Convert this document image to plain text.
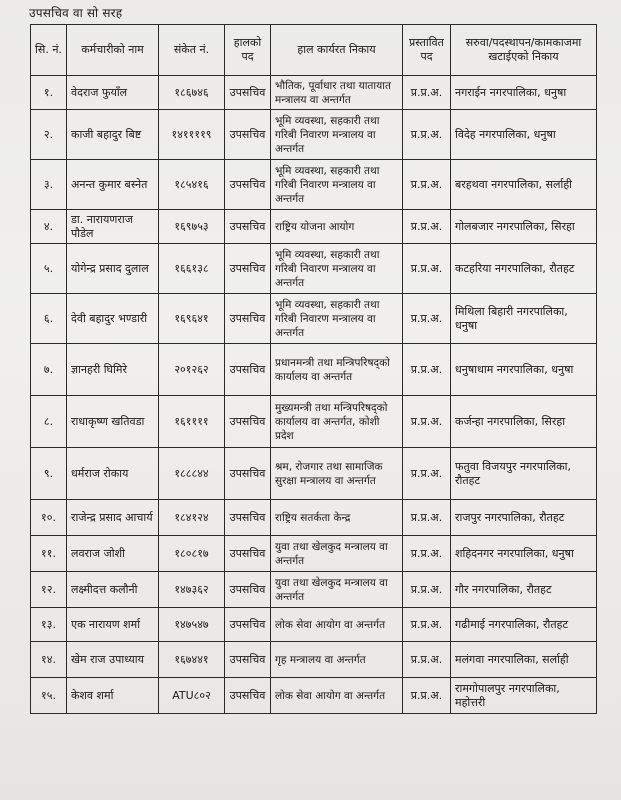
उपसचिव वा सो सरह
सि. नं.	कर्मचारीको नाम	संकेत नं.	हालको पद	हाल कार्यरत निकाय	प्रस्तावित पद	सरुवा/पदस्थापन/कामकाजमा खटाईएको निकाय
१.	वेदराज फुयाँल	१८६७४६	उपसचिव	भौतिक, पूर्वाधार तथा यातायात मन्त्रालय वा अन्तर्गत	प्र.प्र.अ.	नगराईन नगरपालिका, धनुषा
२.	काजी बहादुर बिष्ट	१४११११९	उपसचिव	भूमि व्यवस्था, सहकारी तथा गरिबी निवारण मन्त्रालय वा अन्तर्गत	प्र.प्र.अ.	विदेह नगरपालिका, धनुषा
३.	अनन्त कुमार बस्नेत	१८५४१६	उपसचिव	भूमि व्यवस्था, सहकारी तथा गरिबी निवारण मन्त्रालय वा अन्तर्गत	प्र.प्र.अ.	बरहथवा नगरपालिका, सर्लाही
४.	डा. नारायणराज पौडेल	१६९७५३	उपसचिव	राष्ट्रिय योजना आयोग	प्र.प्र.अ.	गोलबजार नगरपालिका, सिरहा
५.	योगेन्द्र प्रसाद दुलाल	१६६१३८	उपसचिव	भूमि व्यवस्था, सहकारी तथा गरिबी निवारण मन्त्रालय वा अन्तर्गत	प्र.प्र.अ.	कटहरिया नगरपालिका, रौतहट
६.	देवी बहादुर भण्डारी	१६९६४१	उपसचिव	भूमि व्यवस्था, सहकारी तथा गरिबी निवारण मन्त्रालय वा अन्तर्गत	प्र.प्र.अ.	मिथिला बिहारी नगरपालिका, धनुषा
७.	ज्ञानहरी घिमिरे	२०१२६२	उपसचिव	प्रधानमन्त्री तथा मन्त्रिपरिषद्को कार्यालय वा अन्तर्गत	प्र.प्र.अ.	धनुषाधाम नगरपालिका, धनुषा
८.	राधाकृष्ण खतिवडा	१६११११	उपसचिव	मुख्यमन्त्री तथा मन्त्रिपरिषद्को कार्यालय वा अन्तर्गत, कोशी प्रदेश	प्र.प्र.अ.	कर्जन्हा नगरपालिका, सिरहा
९.	धर्मराज रोकाय	१८८८४४	उपसचिव	श्रम, रोजगार तथा सामाजिक सुरक्षा मन्त्रालय वा अन्तर्गत	प्र.प्र.अ.	फतुवा विजयपुर नगरपालिका, रौतहट
१०.	राजेन्द्र प्रसाद आचार्य	१८४१२४	उपसचिव	राष्ट्रिय सतर्कता केन्द्र	प्र.प्र.अ.	राजपुर नगरपालिका, रौतहट
११.	लवराज जोशी	१८०८१७	उपसचिव	युवा तथा खेलकुद मन्त्रालय वा अन्तर्गत	प्र.प्र.अ.	शहिदनगर नगरपालिका, धनुषा
१२.	लक्ष्मीदत्त कलौनी	१४७३६२	उपसचिव	युवा तथा खेलकुद मन्त्रालय वा अन्तर्गत	प्र.प्र.अ.	गौर नगरपालिका, रौतहट
१३.	एक नारायण शर्मा	१४७५४७	उपसचिव	लोक सेवा आयोग वा अन्तर्गत	प्र.प्र.अ.	गढीमाई नगरपालिका, रौतहट
१४.	खेम राज उपाध्याय	१६७४४१	उपसचिव	गृह मन्त्रालय वा अन्तर्गत	प्र.प्र.अ.	मलंगवा नगरपालिका, सर्लाही
१५.	केशव शर्मा	ATU८०२	उपसचिव	लोक सेवा आयोग वा अन्तर्गत	प्र.प्र.अ.	रामगोपालपुर नगरपालिका, महोत्तरी
